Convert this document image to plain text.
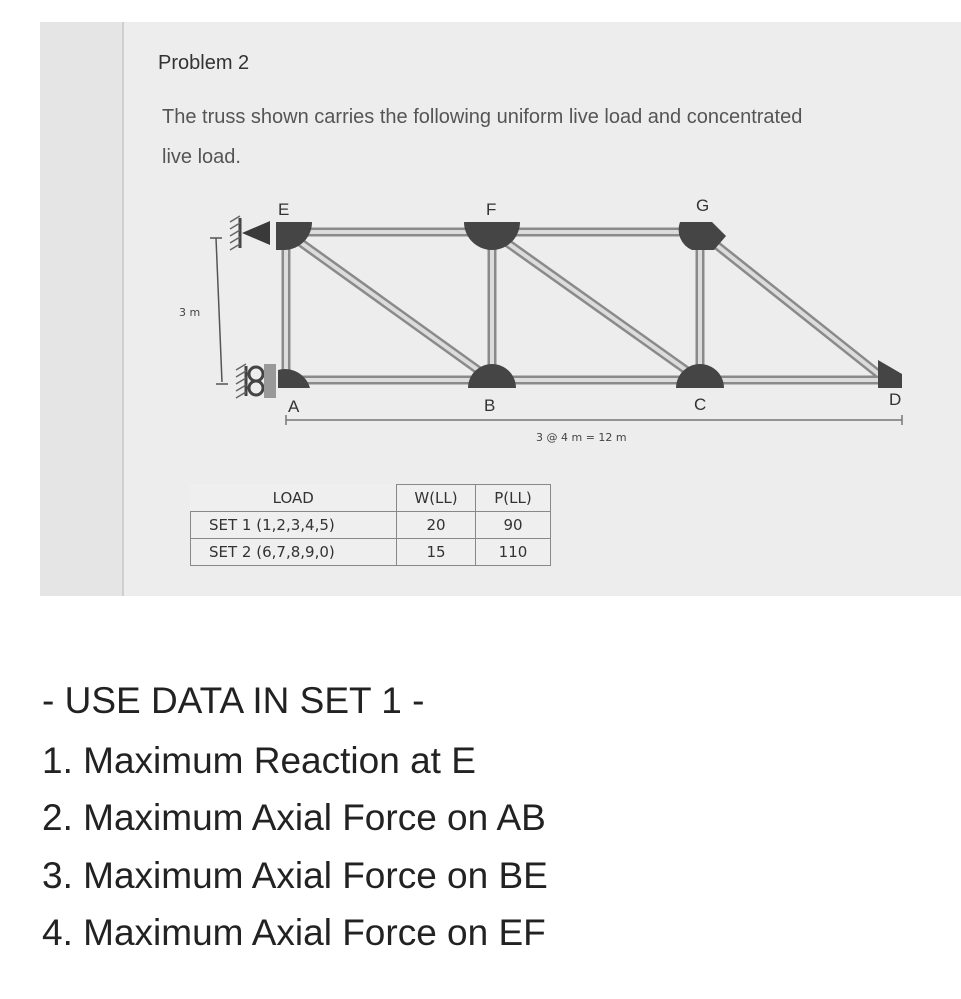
Problem 2
The truss shown carries the following uniform live load and concentrated
live load.
E	F	G
A	B	C	D
3 m
3 @ 4 m = 12 m
LOAD	W(LL)	P(LL)
SET 1 (1,2,3,4,5)	20	90
SET 2 (6,7,8,9,0)	15	110
- USE DATA IN SET 1 -
1. Maximum Reaction at E
2. Maximum Axial Force on AB
3. Maximum Axial Force on BE
4. Maximum Axial Force on EF
